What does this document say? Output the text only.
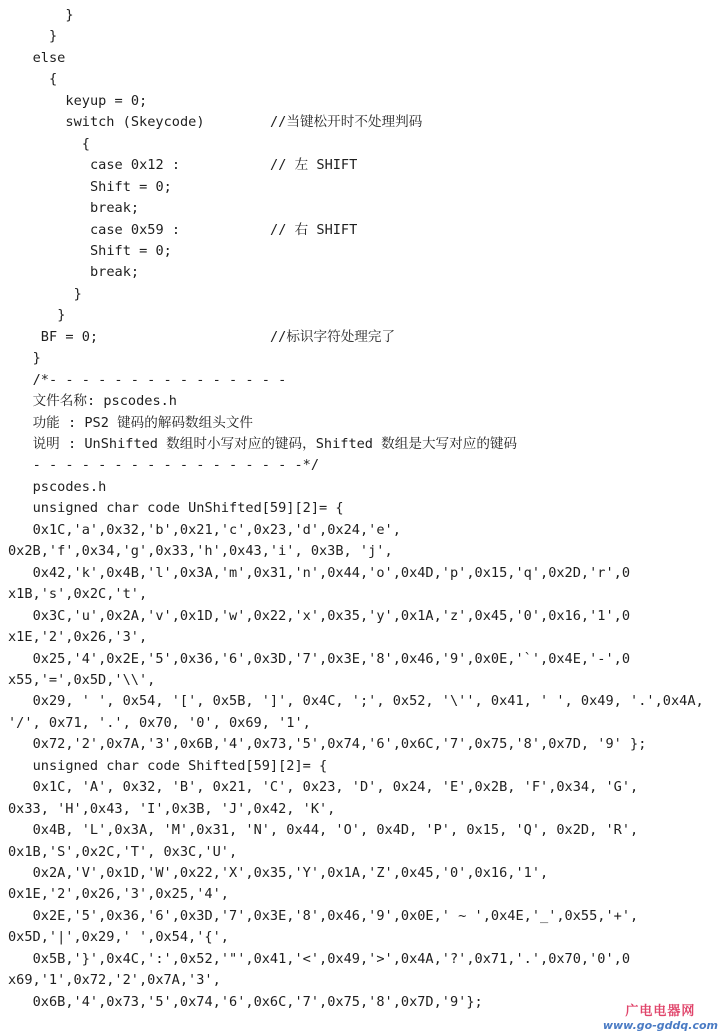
}
}
else
{
keyup = 0;
switch (Skeycode)        //当键松开时不处理判码
{
case 0x12 :           // 左 SHIFT
Shift = 0;
break;
case 0x59 :           // 右 SHIFT
Shift = 0;
break;
}
}
BF = 0;                     //标识字符处理完了
}
/*- - - - - - - - - - - - - - -
文件名称: pscodes.h
功能 : PS2 键码的解码数组头文件
说明 : UnShifted 数组时小写对应的键码，Shifted 数组是大写对应的键码
- - - - - - - - - - - - - - - - -*/
pscodes.h
unsigned char code UnShifted[59][2]= {
0x1C,'a',0x32,'b',0x21,'c',0x23,'d',0x24,'e',
0x2B,'f',0x34,'g',0x33,'h',0x43,'i', 0x3B, 'j',
0x42,'k',0x4B,'l',0x3A,'m',0x31,'n',0x44,'o',0x4D,'p',0x15,'q',0x2D,'r',0
x1B,'s',0x2C,'t',
0x3C,'u',0x2A,'v',0x1D,'w',0x22,'x',0x35,'y',0x1A,'z',0x45,'0',0x16,'1',0
x1E,'2',0x26,'3',
0x25,'4',0x2E,'5',0x36,'6',0x3D,'7',0x3E,'8',0x46,'9',0x0E,'`',0x4E,'-',0
x55,'=',0x5D,'\\',
0x29, ' ', 0x54, '[', 0x5B, ']', 0x4C, ';', 0x52, '\'', 0x41, ' ', 0x49, '.',0x4A,
'/', 0x71, '.', 0x70, '0', 0x69, '1',
0x72,'2',0x7A,'3',0x6B,'4',0x73,'5',0x74,'6',0x6C,'7',0x75,'8',0x7D, '9' };
unsigned char code Shifted[59][2]= {
0x1C, 'A', 0x32, 'B', 0x21, 'C', 0x23, 'D', 0x24, 'E',0x2B, 'F',0x34, 'G',
0x33, 'H',0x43, 'I',0x3B, 'J',0x42, 'K',
0x4B, 'L',0x3A, 'M',0x31, 'N', 0x44, 'O', 0x4D, 'P', 0x15, 'Q', 0x2D, 'R',
0x1B,'S',0x2C,'T', 0x3C,'U',
0x2A,'V',0x1D,'W',0x22,'X',0x35,'Y',0x1A,'Z',0x45,'0',0x16,'1',
0x1E,'2',0x26,'3',0x25,'4',
0x2E,'5',0x36,'6',0x3D,'7',0x3E,'8',0x46,'9',0x0E,' ~ ',0x4E,'_',0x55,'+',
0x5D,'|',0x29,' ',0x54,'{',
0x5B,'}',0x4C,':',0x52,'"',0x41,'<',0x49,'>',0x4A,'?',0x71,'.',0x70,'0',0
x69,'1',0x72,'2',0x7A,'3',
0x6B,'4',0x73,'5',0x74,'6',0x6C,'7',0x75,'8',0x7D,'9'};
广电电器网
www.go-gddq.com
